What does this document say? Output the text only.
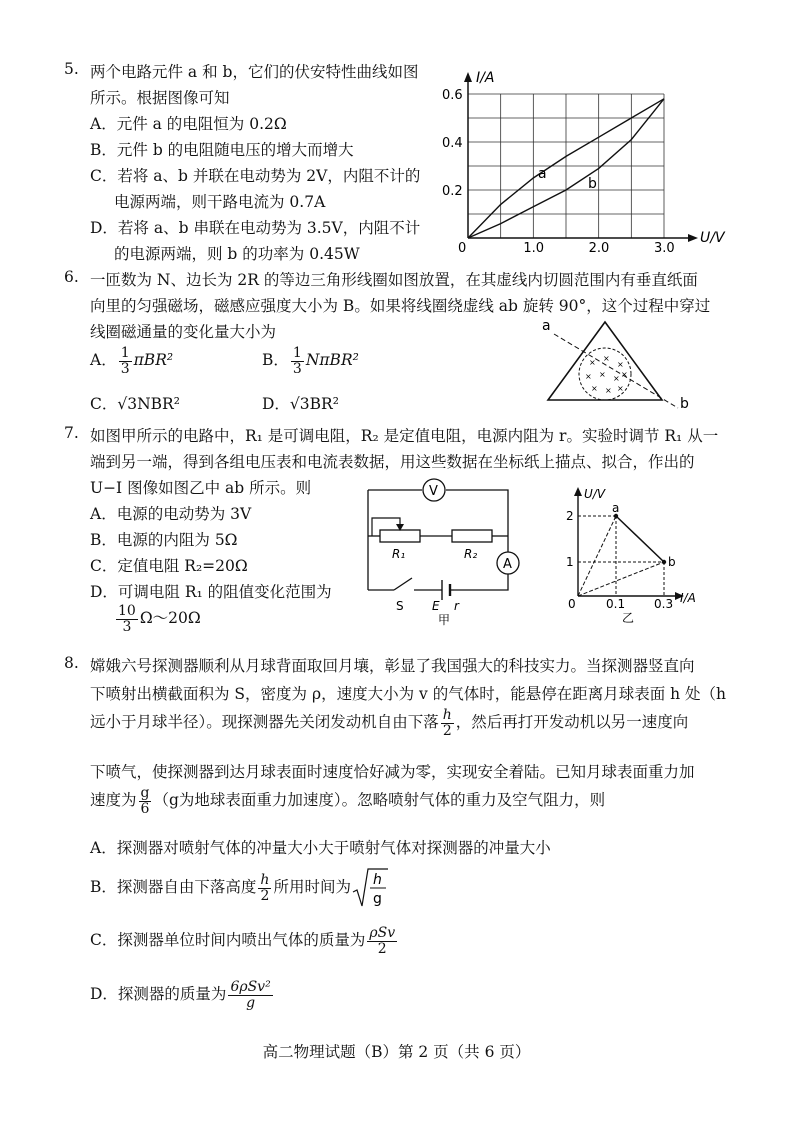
5. 两个电路元件 a 和 b，它们的伏安特性曲线如图
所示。根据图像可知
A．元件 a 的电阻恒为 0.2Ω
B．元件 b 的电阻随电压的增大而增大
C．若将 a、b 并联在电动势为 2V，内阻不计的
电源两端，则干路电流为 0.7A
D．若将 a、b 串联在电动势为 3.5V，内阻不计
的电源两端，则 b 的功率为 0.45W
I/A
U/V
0
0.2
0.4
0.6
1.0	2.0	3.0
a
b
6. 一匝数为 N、边长为 2R 的等边三角形线圈如图放置，在其虚线内切圆范围内有垂直纸面
向里的匀强磁场，磁感应强度大小为 B。如果将线圈绕虚线 ab 旋转 90°，这个过程中穿过
线圈磁通量的变化量大小为
A． $\frac{1}{3} \pi BR^2$	B． $\frac{1}{3} N\pi BR^2$
C．√3NBR²	D．√3BR²
× ×
×
× × × ×
× × ×
a
b
7. 如图甲所示的电路中，R₁ 是可调电阻，R₂ 是定值电阻，电源内阻为 r。实验时调节 R₁ 从一
端到另一端，得到各组电压表和电流表数据，用这些数据在坐标纸上描点、拟合，作出的
U−I 图像如图乙中 ab 所示。则
A．电源的电动势为 3V
B．电源的内阻为 5Ω
C．定值电阻 R₂=20Ω
D．可调电阻 R₁ 的阻值变化范围为
$\frac{10}{3}$ Ω～20Ω
V
R₁	R₂
A
S E r
甲
U/V
I/A
0
a
b
2
1
0.1 0.3
乙
8. 嫦娥六号探测器顺利从月球背面取回月壤，彰显了我国强大的科技实力。当探测器竖直向
下喷射出横截面积为 S，密度为 ρ，速度大小为 v 的气体时，能悬停在距离月球表面 h 处（h
远小于月球半径）。现探测器先关闭发动机自由下落 $\frac{h}{2}$ ，然后再打开发动机以另一速度向
下喷气，使探测器到达月球表面时速度恰好减为零，实现安全着陆。已知月球表面重力加
速度为 $\frac{g}{6} (g$为地球表面重力加速度）。忽略喷射气体的重力及空气阻力，则
A．探测器对喷射气体的冲量大小大于喷射气体对探测器的冲量大小
B．探测器自由下落高度 $\frac{h}{2}$ 所用时间为 h
g
C．探测器单位时间内喷出气体的质量为 $\frac{\text{ρSv}}{2}$
D．探测器的质量为 $\frac{\text{6ρSv²}}{g}$
高二物理试题（B）第 2 页（共 6 页）
